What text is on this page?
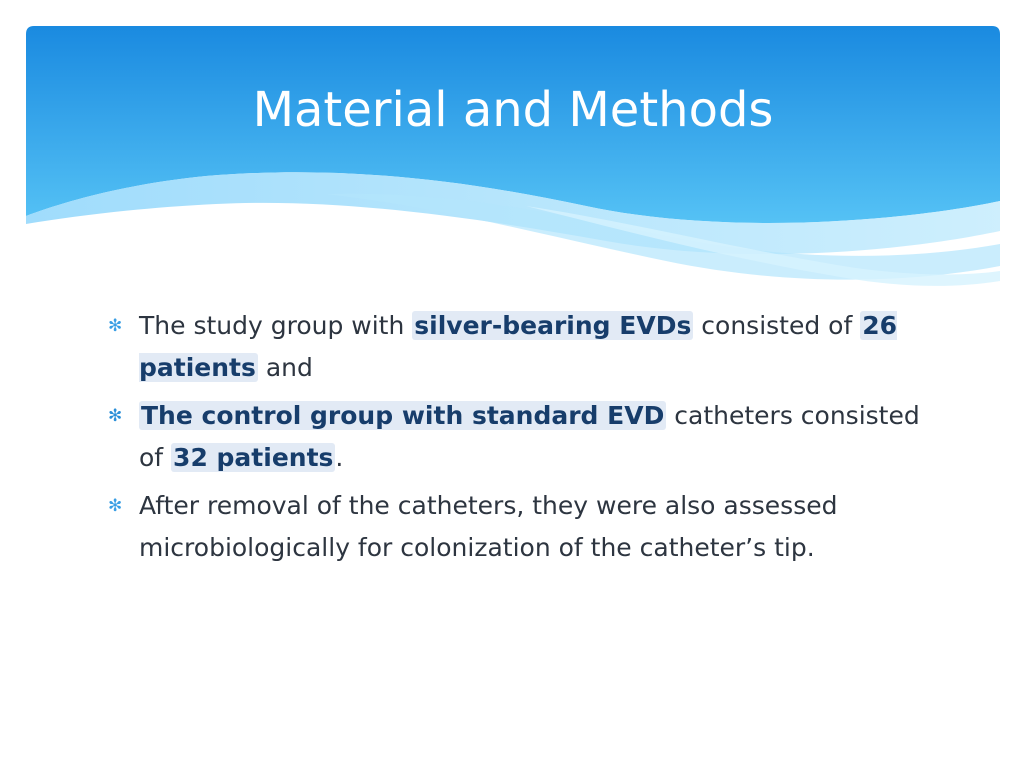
Material and Methods
✻ The study group with silver-bearing EVDs consisted of 26 patients and
✻ The control group with standard EVD catheters consisted of 32 patients.
✻ After removal of the catheters, they were also assessed microbiologically for colonization of the catheter’s tip.
